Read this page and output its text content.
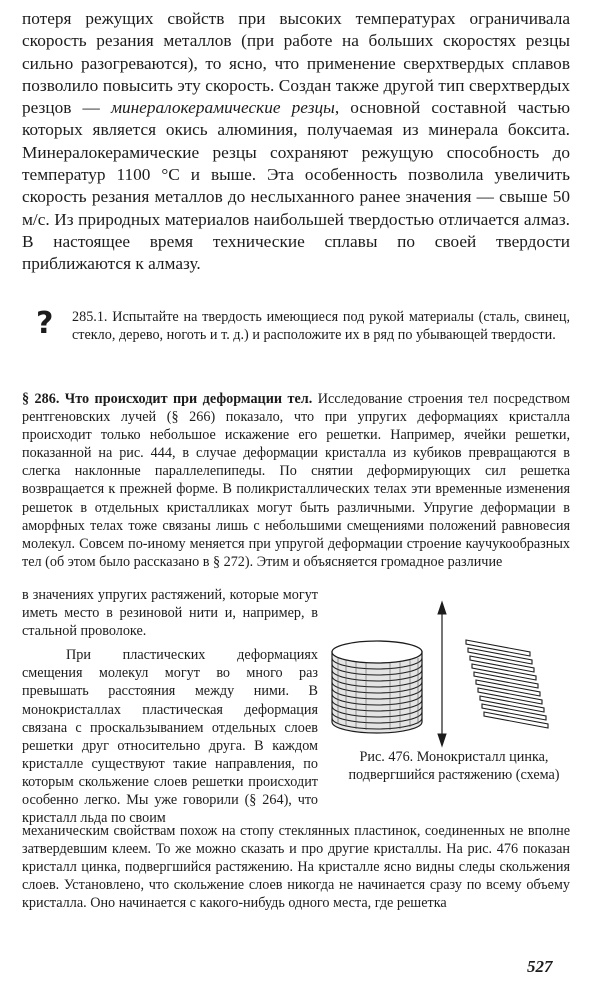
потеря режущих свойств при высоких температурах ограничивала скорость резания металлов (при работе на больших скоростях резцы сильно разогреваются), то ясно, что применение сверхтвердых сплавов позволило повысить эту скорость. Создан также другой тип сверхтвердых резцов — минералокерамические резцы, основной составной частью которых является окись алюминия, получаемая из минерала боксита. Минералокерамические резцы сохраняют режущую способность до температур 1100 °C и выше. Эта особенность позволила увеличить скорость резания металлов до неслыханного ранее значения — свыше 50 м/с. Из природных материалов наибольшей твердостью отличается алмаз. В настоящее время технические сплавы по своей твердости приближаются к алмазу.

? 285.1. Испытайте на твердость имеющиеся под рукой материалы (сталь, свинец, стекло, дерево, ноготь и т. д.) и расположите их в ряд по убывающей твердости.

§ 286. Что происходит при деформации тел. Исследование строения тел посредством рентгеновских лучей (§ 266) показало, что при упругих деформациях кристалла происходит только небольшое искажение его решетки. Например, ячейки решетки, показанной на рис. 444, в случае деформации кристалла из кубиков превращаются в слегка наклонные параллелепипеды. По снятии деформирующих сил решетка возвращается к прежней форме. В поликристаллических телах эти временные изменения решеток в отдельных кристалликах могут быть различными. Упругие деформации в аморфных телах тоже связаны лишь с небольшими смещениями положений равновесия молекул. Совсем по-иному меняется при упругой деформации строение каучукообразных тел (об этом было рассказано в § 272). Этим и объясняется громадное различие

в значениях упругих растяжений, которые могут иметь место в резиновой нити и, например, в стальной проволоке.

При пластических деформациях смещения молекул могут во много раз превышать расстояния между ними. В монокристаллах пластическая деформация связана с проскальзыванием отдельных слоев решетки друг относительно друга. В каждом кристалле существуют такие направления, по которым скольжение слоев решетки происходит особенно легко. Мы уже говорили (§ 264), что кристалл льда по своим

Рис. 476. Монокристалл цинка, подвергшийся растяжению (схема)

механическим свойствам похож на стопу стеклянных пластинок, соединенных не вполне затвердевшим клеем. То же можно сказать и про другие кристаллы. На рис. 476 показан кристалл цинка, подвергшийся растяжению. На кристалле ясно видны следы скольжения слоев. Установлено, что скольжение слоев никогда не начинается сразу по всему объему кристалла. Оно начинается с какого-нибудь одного места, где решетка

527
